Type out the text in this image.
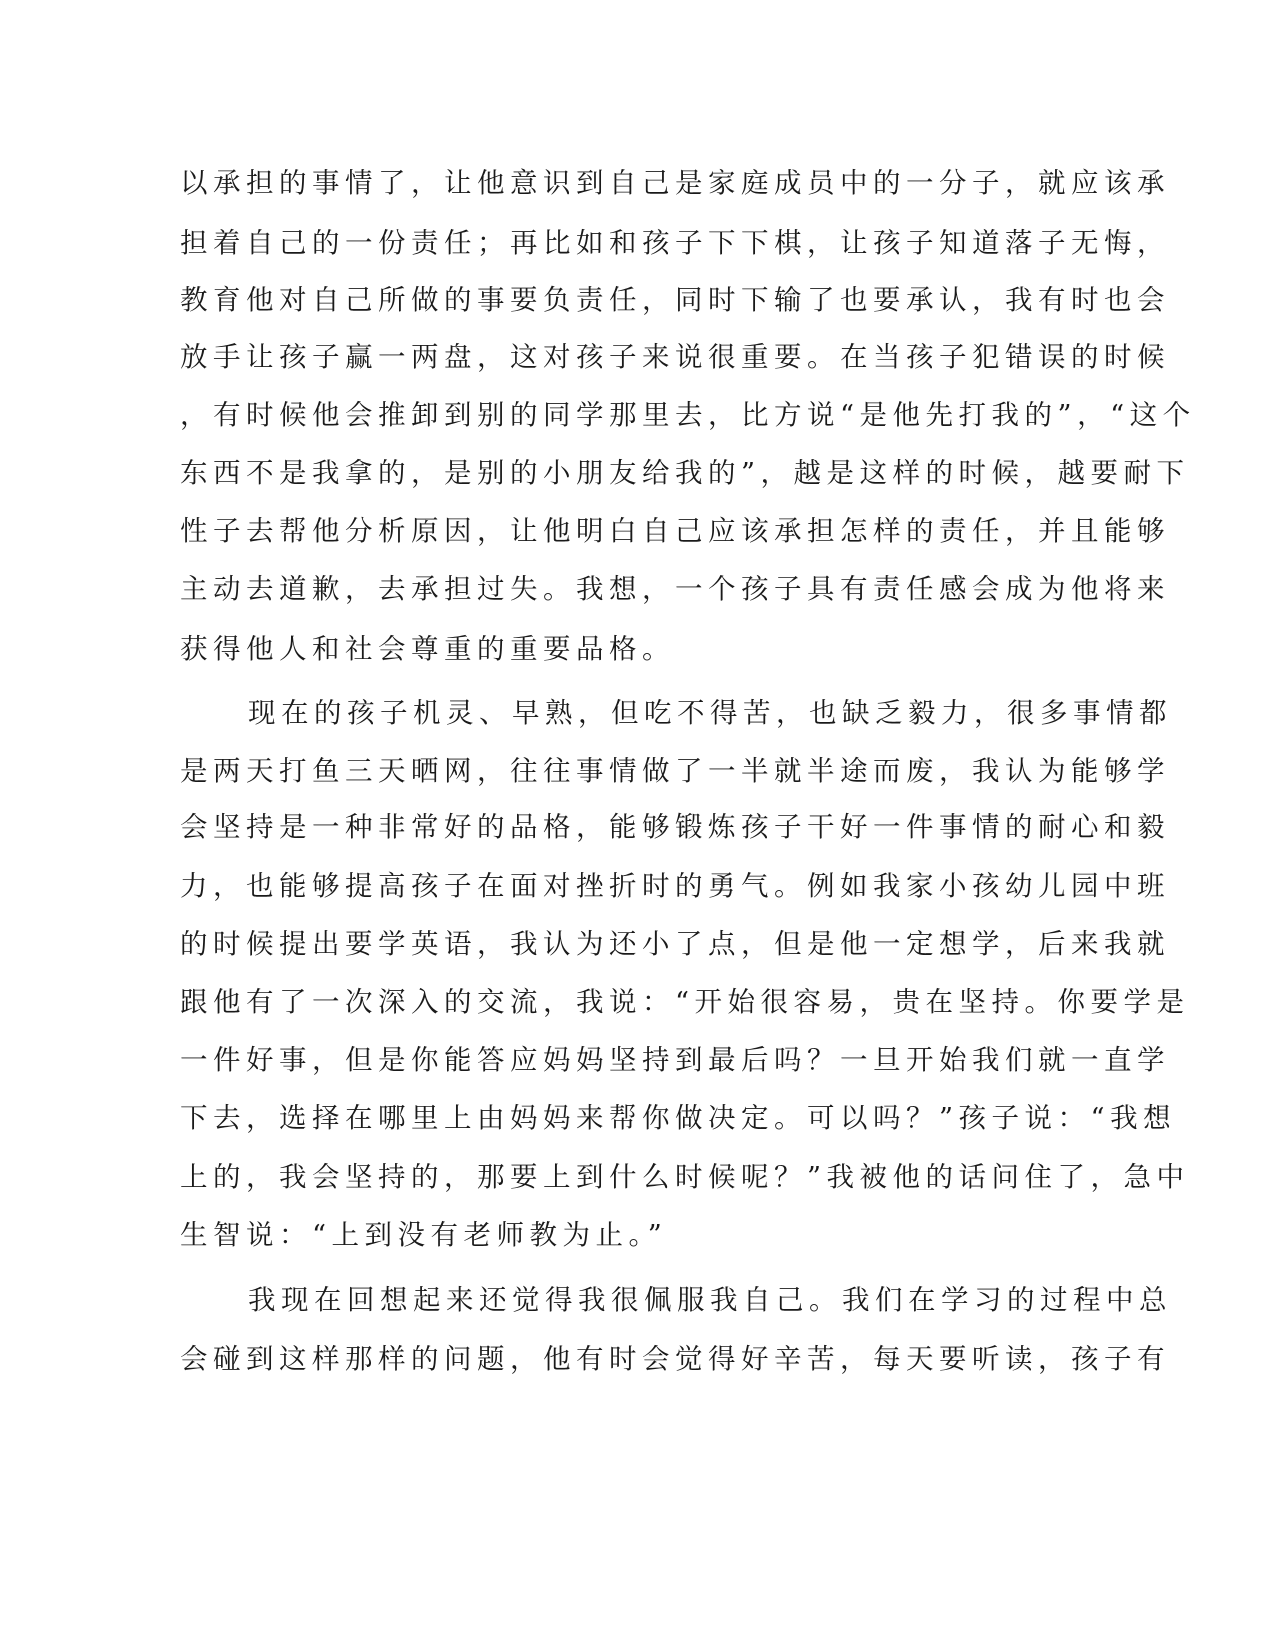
以承担的事情了，让他意识到自己是家庭成员中的一分子，就应该承

担着自己的一份责任；再比如和孩子下下棋，让孩子知道落子无悔，

教育他对自己所做的事要负责任，同时下输了也要承认，我有时也会

放手让孩子赢一两盘，这对孩子来说很重要。在当孩子犯错误的时候

，有时候他会推卸到别的同学那里去，比方说“是他先打我的”，“这个

东西不是我拿的，是别的小朋友给我的”，越是这样的时候，越要耐下

性子去帮他分析原因，让他明白自己应该承担怎样的责任，并且能够

主动去道歉，去承担过失。我想，一个孩子具有责任感会成为他将来

获得他人和社会尊重的重要品格。

现在的孩子机灵、早熟，但吃不得苦，也缺乏毅力，很多事情都

是两天打鱼三天晒网，往往事情做了一半就半途而废，我认为能够学

会坚持是一种非常好的品格，能够锻炼孩子干好一件事情的耐心和毅

力，也能够提高孩子在面对挫折时的勇气。例如我家小孩幼儿园中班

的时候提出要学英语，我认为还小了点，但是他一定想学，后来我就

跟他有了一次深入的交流，我说：“开始很容易，贵在坚持。你要学是

一件好事，但是你能答应妈妈坚持到最后吗？一旦开始我们就一直学

下去，选择在哪里上由妈妈来帮你做决定。可以吗？”孩子说：“我想

上的，我会坚持的，那要上到什么时候呢？”我被他的话问住了，急中

生智说：“上到没有老师教为止。”

我现在回想起来还觉得我很佩服我自己。我们在学习的过程中总

会碰到这样那样的问题，他有时会觉得好辛苦，每天要听读，孩子有
